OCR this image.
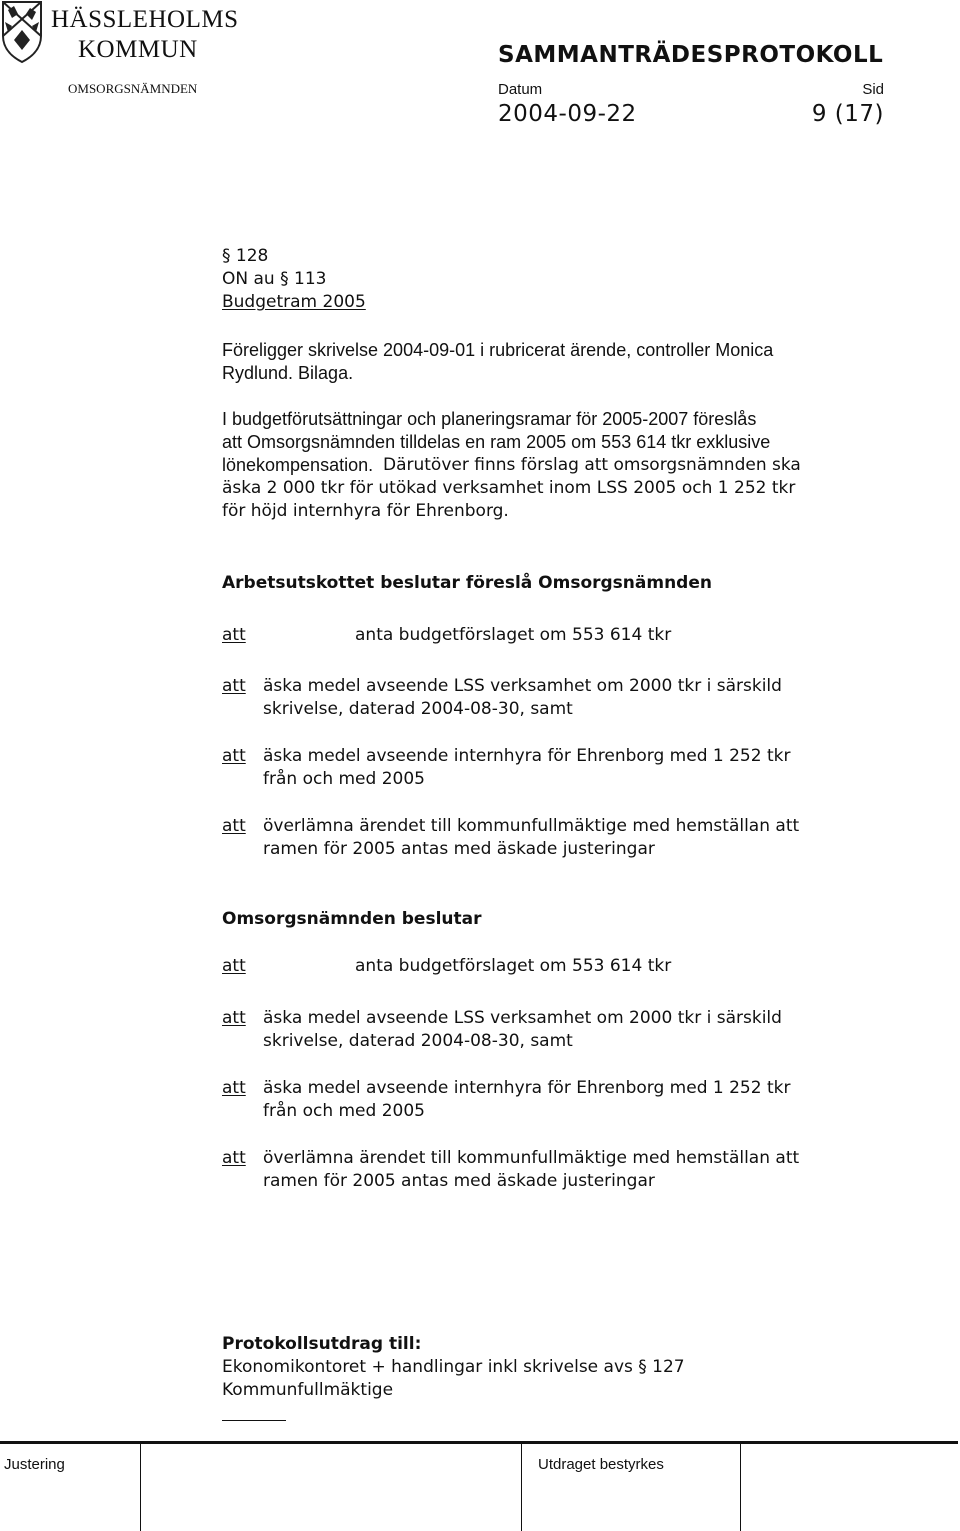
HÄSSLEHOLMS
KOMMUN
OMSORGSNÄMNDEN
SAMMANTRÄDESPROTOKOLL
Datum	Sid
2004-09-22	9 (17)
§ 128
ON au § 113
Budgetram 2005
Föreligger skrivelse 2004-09-01 i rubricerat ärende, controller Monica
Rydlund. Bilaga.
I budgetförutsättningar och planeringsramar för 2005-2007 föreslås
att Omsorgsnämnden tilldelas en ram 2005 om 553 614 tkr exklusive
lönekompensation. Därutöver finns förslag att omsorgsnämnden ska
äska 2 000 tkr för utökad verksamhet inom LSS 2005 och 1 252 tkr
för höjd internhyra för Ehrenborg.
Arbetsutskottet beslutar föreslå Omsorgsnämnden
att	anta budgetförslaget om 553 614 tkr
att äska medel avseende LSS verksamhet om 2000 tkr i särskild
skrivelse, daterad 2004-08-30, samt
att äska medel avseende internhyra för Ehrenborg med 1 252 tkr
från och med 2005
att överlämna ärendet till kommunfullmäktige med hemställan att
ramen för 2005 antas med äskade justeringar
Omsorgsnämnden beslutar
att	anta budgetförslaget om 553 614 tkr
att äska medel avseende LSS verksamhet om 2000 tkr i särskild
skrivelse, daterad 2004-08-30, samt
att äska medel avseende internhyra för Ehrenborg med 1 252 tkr
från och med 2005
att överlämna ärendet till kommunfullmäktige med hemställan att
ramen för 2005 antas med äskade justeringar
Protokollsutdrag till:
Ekonomikontoret + handlingar inkl skrivelse avs § 127
Kommunfullmäktige
Justering	Utdraget bestyrkes
